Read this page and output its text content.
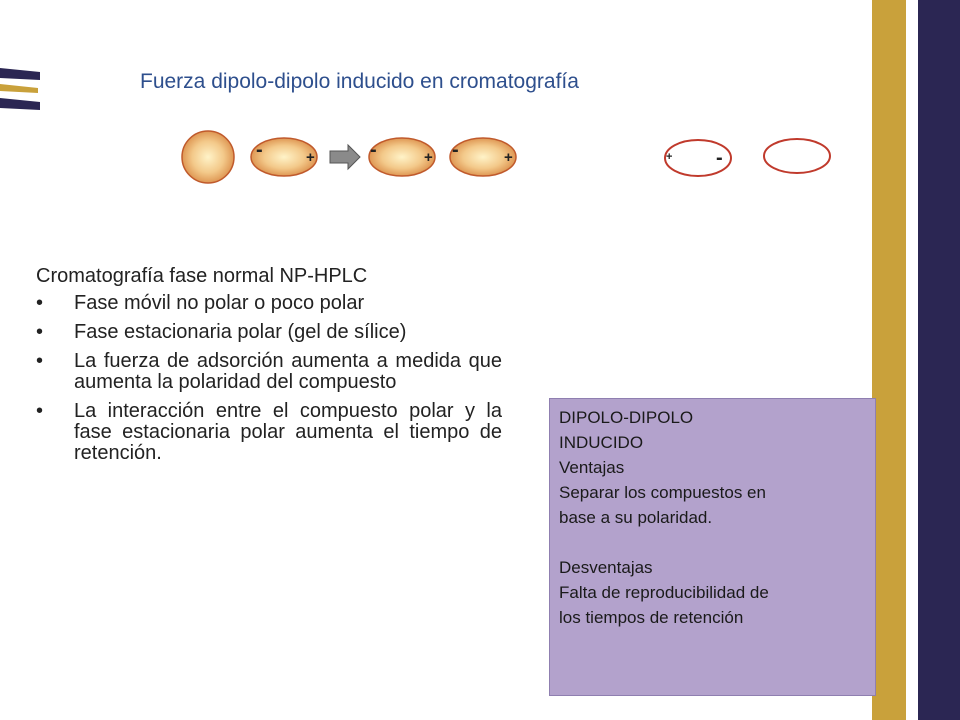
Fuerza dipolo-dipolo inducido en cromatografía
-	+	-	+ -	+	+ -
Cromatografía fase normal NP-HPLC
• Fase móvil no polar o poco polar
• Fase estacionaria polar (gel de sílice)
• La fuerza de adsorción aumenta a medida que aumenta la polaridad del compuesto
• La interacción entre el compuesto polar y la fase estacionaria polar aumenta el tiempo de retención.
DIPOLO-DIPOLO
INDUCIDO
Ventajas
Separar los compuestos en
base a su polaridad.
Desventajas
Falta de reproducibilidad de
los tiempos de retención
